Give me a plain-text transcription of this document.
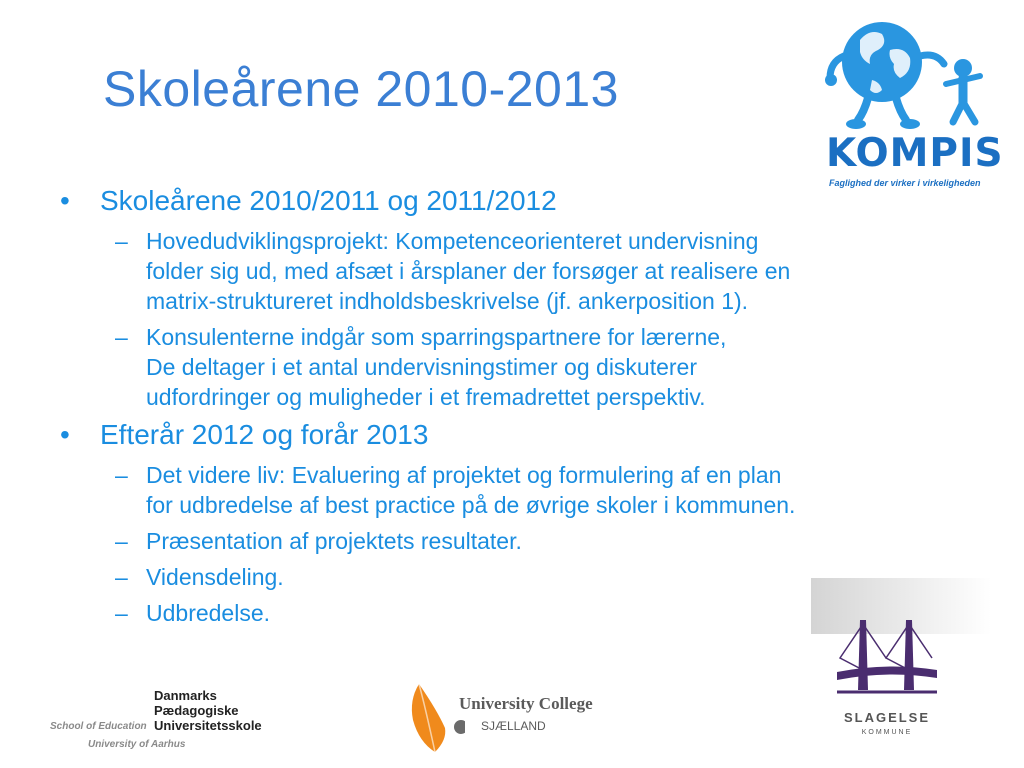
Skoleårene 2010-2013
• Skoleårene 2010/2011 og 2011/2012
– Hovedudviklingsprojekt: Kompetenceorienteret undervisning
folder sig ud, med afsæt i årsplaner der forsøger at realisere en
matrix-struktureret indholdsbeskrivelse (jf. ankerposition 1).
– Konsulenterne indgår som sparringspartnere for lærerne,
De deltager i et antal undervisningstimer og diskuterer
udfordringer og muligheder i et fremadrettet perspektiv.
• Efterår 2012 og forår 2013
– Det videre liv: Evaluering af projektet og formulering af en plan
for udbredelse af best practice på de øvrige skoler i kommunen.
– Præsentation af projektets resultater.
– Vidensdeling.
– Udbredelse.
KOMPIS
Faglighed der virker i virkeligheden
SLAGELSE
KOMMUNE
Danmarks
Pædagogiske
Universitetsskole
School of Education
University of Aarhus
University College
SJÆLLAND
